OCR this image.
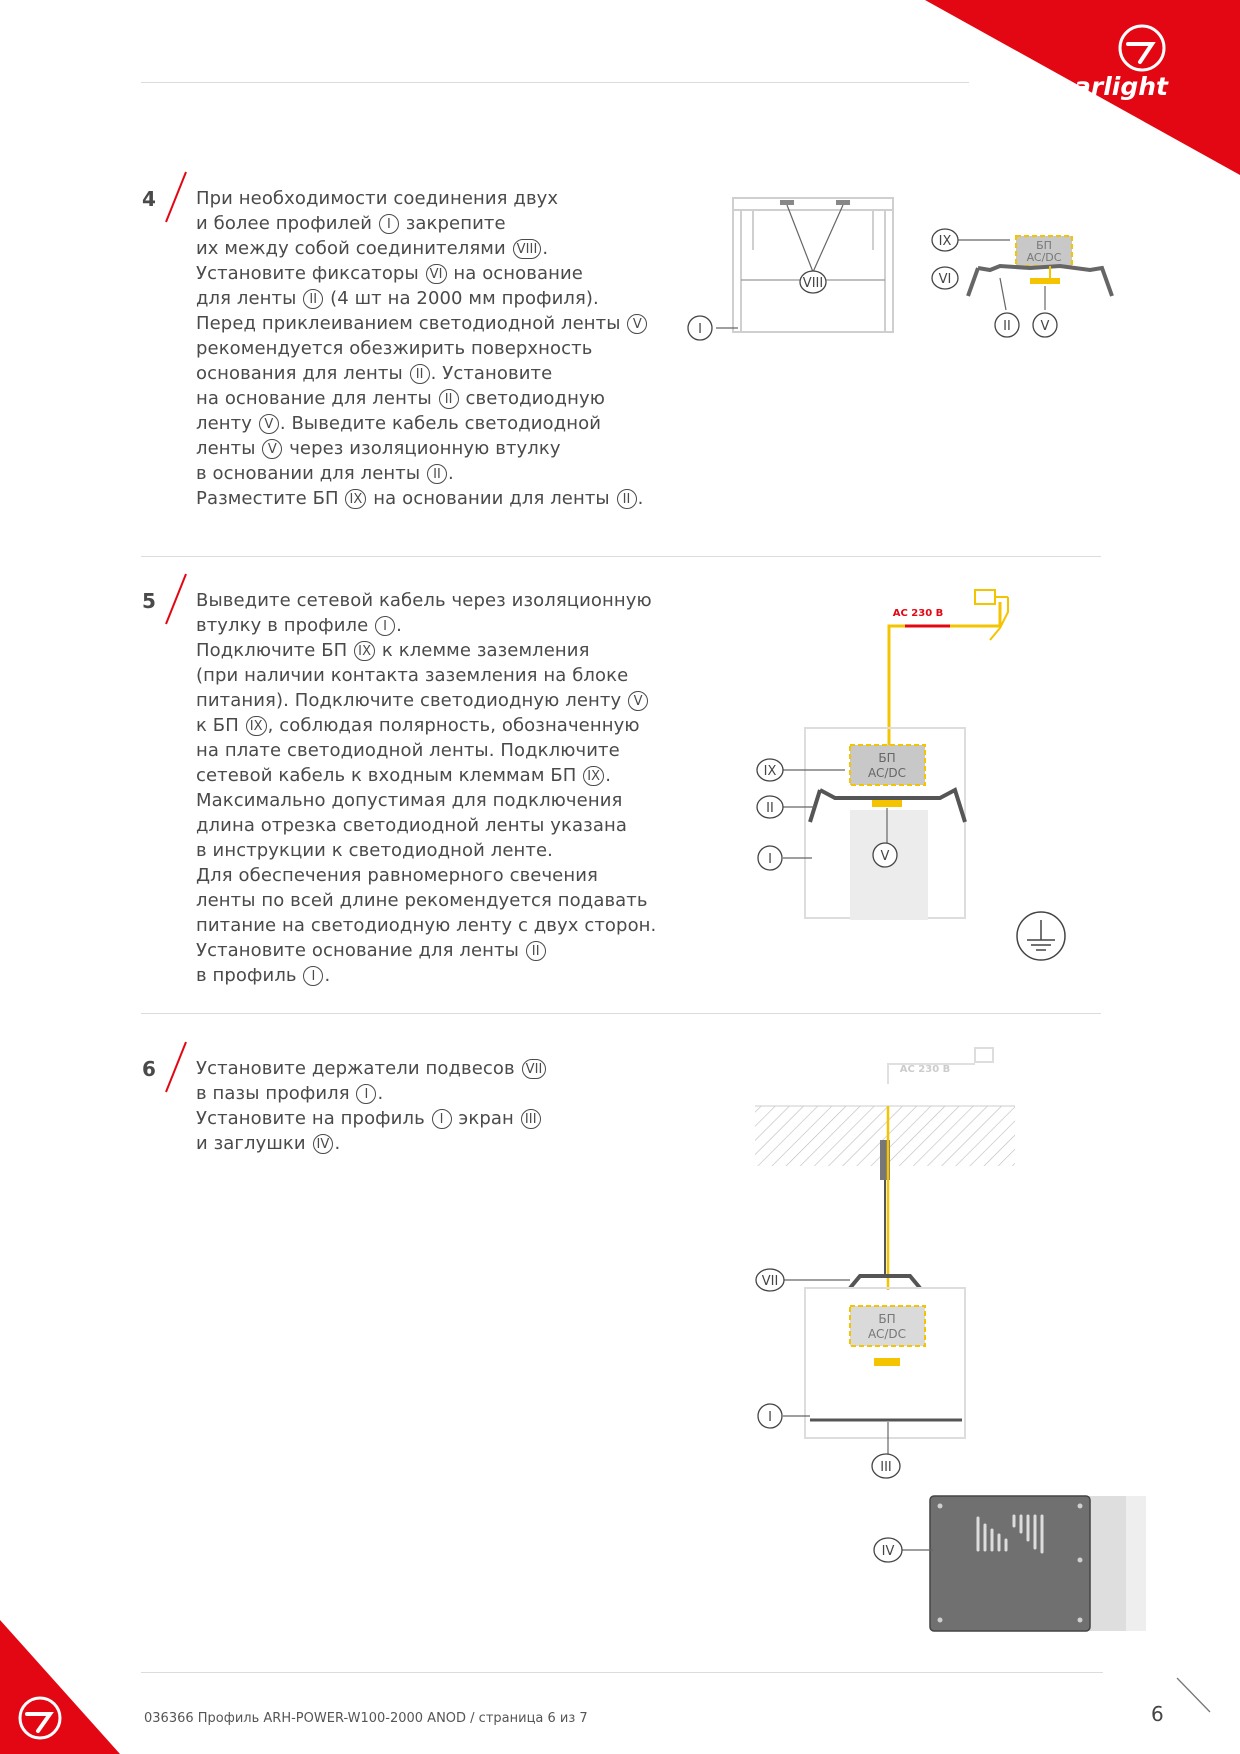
arlight
4 При необходимости соединения двух
и более профилей I закрепите
их между собой соединителями VIII .
Установите фиксаторы VI на основание
для ленты II (4 шт на 2000 мм профиля).
Перед приклеиванием светодиодной ленты V
рекомендуется обезжирить поверхность
основания для ленты II . Установите
на основание для ленты II светодиодную
ленту V . Выведите кабель светодиодной
ленты V через изоляционную втулку
в основании для ленты II .
Разместите БП IX на основании для ленты II .
5 Выведите сетевой кабель через изоляционную
втулку в профиле I .
Подключите БП IX к клемме заземления
(при наличии контакта заземления на блоке
питания). Подключите светодиодную ленту V
к БП IX , соблюдая полярность, обозначенную
на плате светодиодной ленты. Подключите
сетевой кабель к входным клеммам БП IX .
Максимально допустимая для подключения
длина отрезка светодиодной ленты указана
в инструкции к светодиодной ленте.
Для обеспечения равномерного свечения
ленты по всей длине рекомендуется подавать
питание на светодиодную ленту с двух сторон.
Установите основание для ленты II
в профиль I .
6 Установите держатели подвесов VII
в пазы профиля I .
Установите на профиль I экран III
и заглушки IV .
I
VIII
БП
AC/DC
IX
VI
II V
AC 230 В
БП
AC/DC
IX
II
I	V
AC 230 В
БП
AC/DC
VII
I
III
IV
036366 Профиль ARH-POWER-W100-2000 ANOD / страница 6 из 7	6
